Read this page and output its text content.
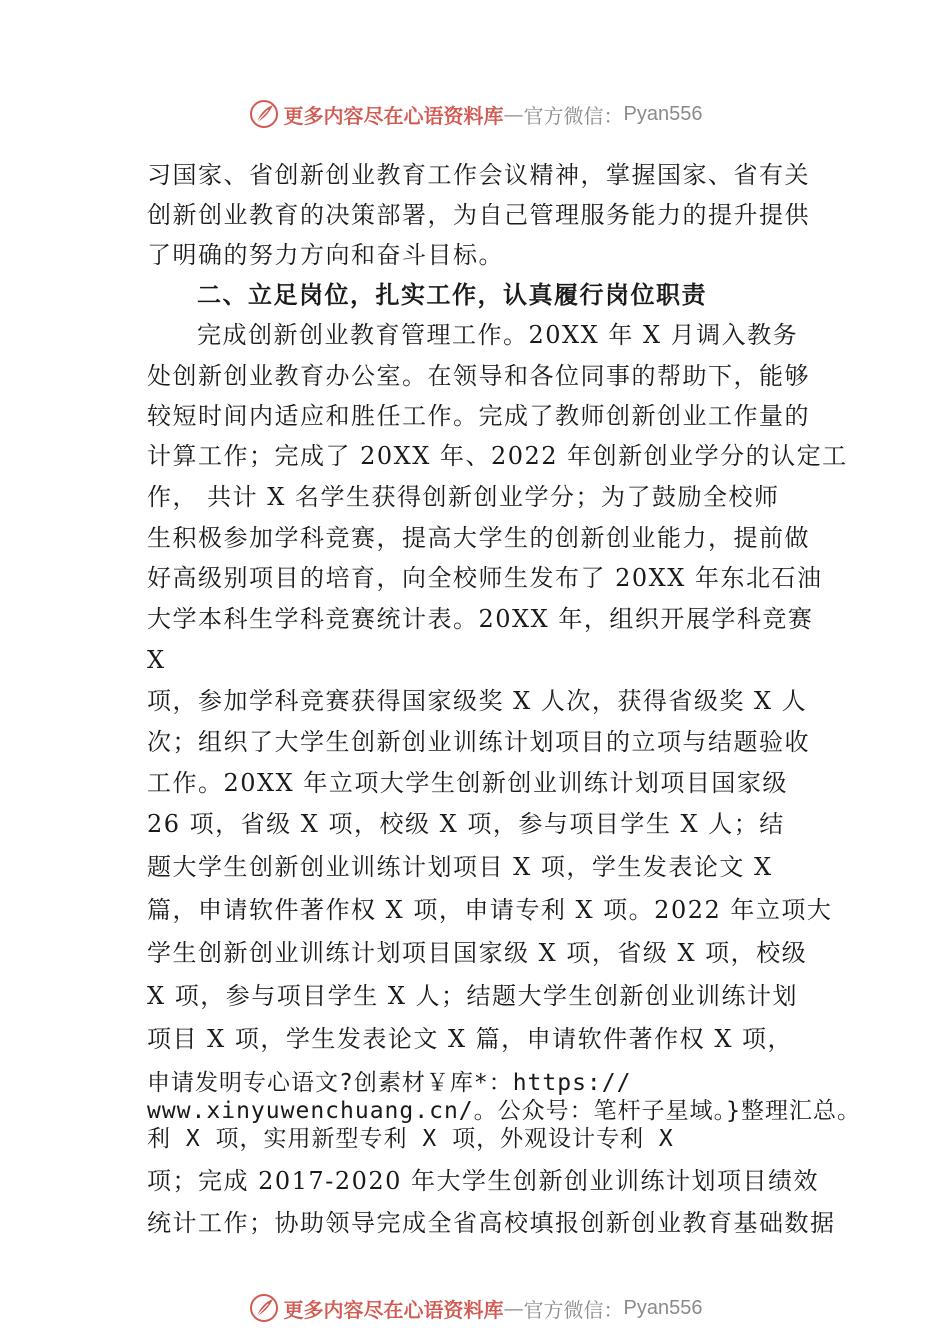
更多内容尽在心语资料库 — 官方微信： Pyan556
习国家、省创新创业教育工作会议精神，掌握国家、省有关
创新创业教育的决策部署，为自己管理服务能力的提升提供
了明确的努力方向和奋斗目标。
二、立足岗位，扎实工作，认真履行岗位职责
完成创新创业教育管理工作。20XX 年 X 月调入教务
处创新创业教育办公室。在领导和各位同事的帮助下，能够
较短时间内适应和胜任工作。完成了教师创新创业工作量的
计算工作；完成了 20XX 年、2022 年创新创业学分的认定工
作， 共计 X 名学生获得创新创业学分；为了鼓励全校师
生积极参加学科竞赛，提高大学生的创新创业能力，提前做
好高级别项目的培育，向全校师生发布了 20XX 年东北石油
大学本科生学科竞赛统计表。20XX 年，组织开展学科竞赛
X
项，参加学科竞赛获得国家级奖 X 人次，获得省级奖 X 人
次；组织了大学生创新创业训练计划项目的立项与结题验收
工作。20XX 年立项大学生创新创业训练计划项目国家级
26 项，省级 X 项，校级 X 项，参与项目学生 X 人；结
题大学生创新创业训练计划项目 X 项，学生发表论文 X
篇，申请软件著作权 X 项，申请专利 X 项。2022 年立项大
学生创新创业训练计划项目国家级 X 项，省级 X 项，校级
X 项，参与项目学生 X 人；结题大学生创新创业训练计划
项目 X 项，学生发表论文 X 篇，申请软件著作权 X 项，
申请发明专心语文?创素材￥库*：https://
www.xinyuwenchuang.cn/。公众号：笔杆子星域。}整理汇总。
利 X 项，实用新型专利 X 项，外观设计专利 X
项；完成 2017-2020 年大学生创新创业训练计划项目绩效
统计工作；协助领导完成全省高校填报创新创业教育基础数据
更多内容尽在心语资料库 — 官方微信： Pyan556
